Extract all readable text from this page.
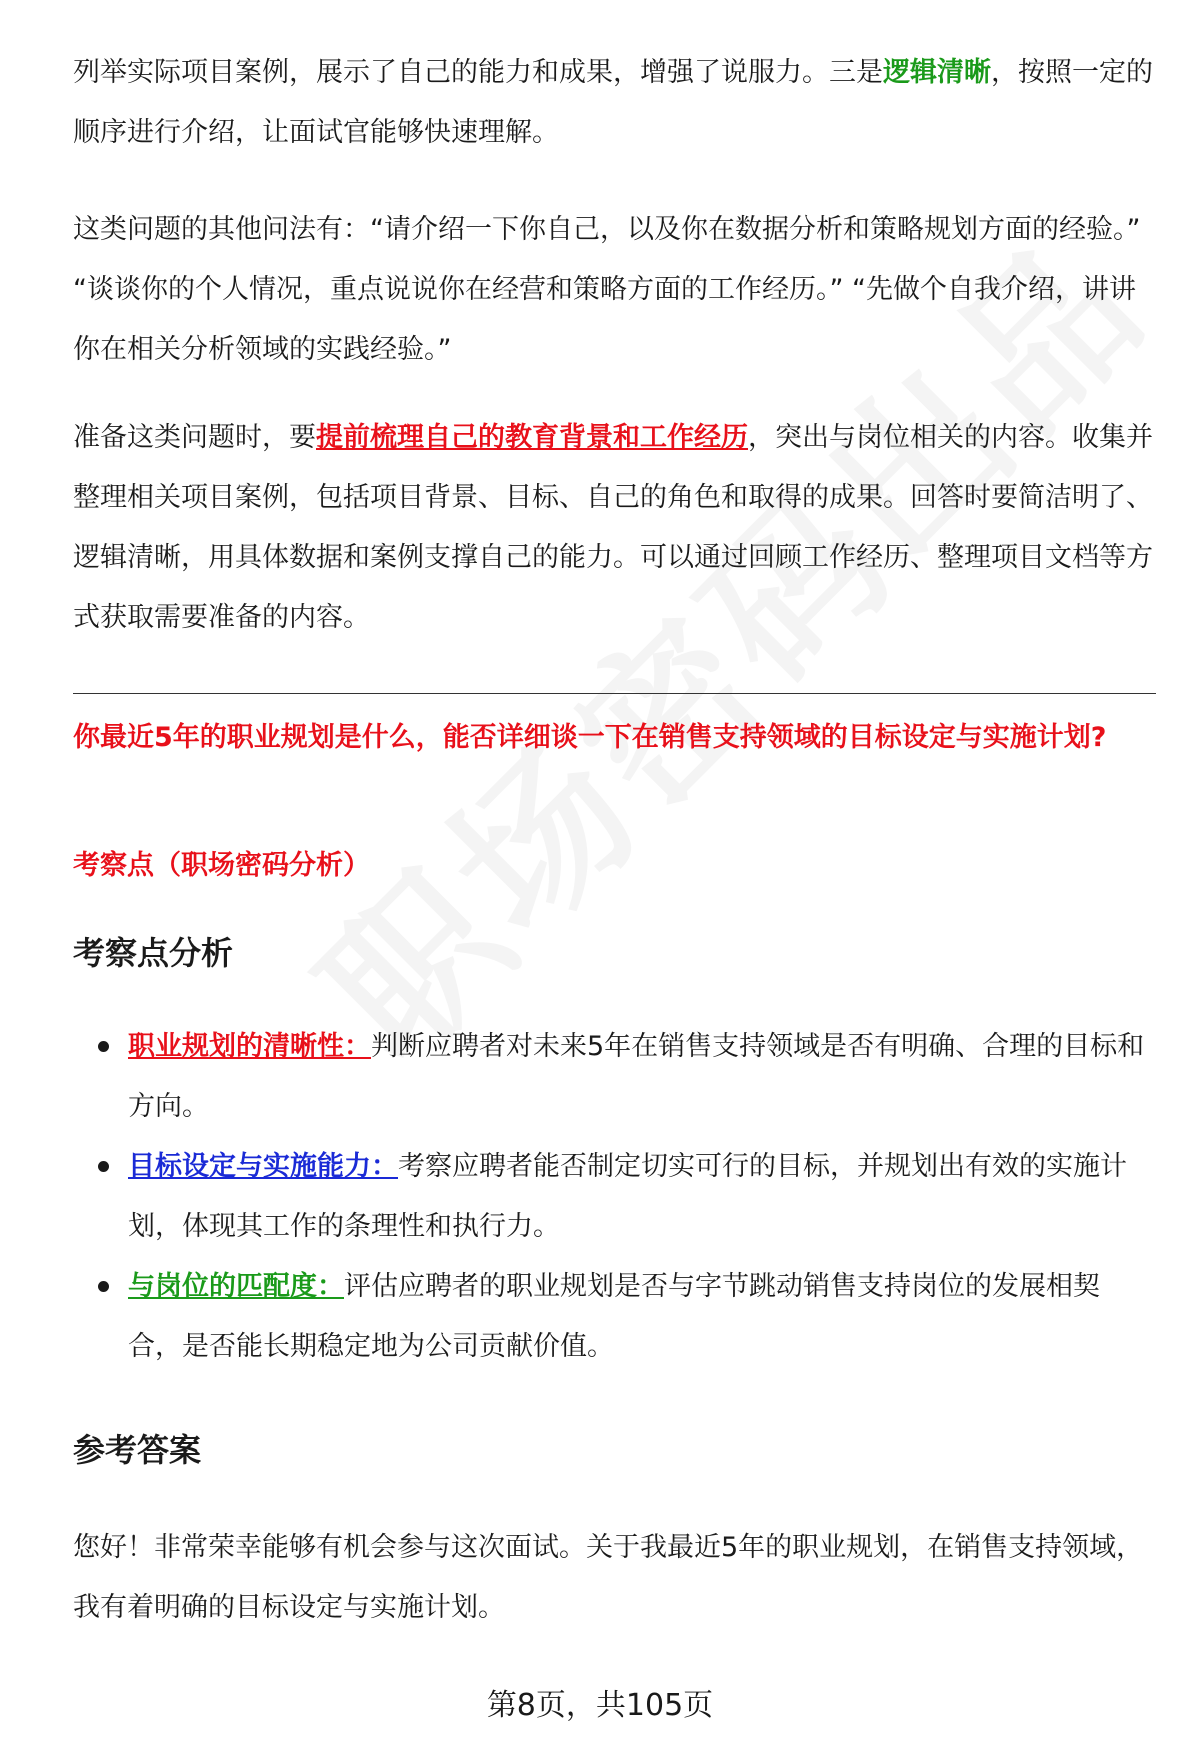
列举实际项目案例，展示了自己的能力和成果，增强了说服力。三是逻辑清晰，按照一定的顺序进行介绍，让面试官能够快速理解。

这类问题的其他问法有：“请介绍一下你自己，以及你在数据分析和策略规划方面的经验。” “谈谈你的个人情况，重点说说你在经营和策略方面的工作经历。” “先做个自我介绍，讲讲你在相关分析领域的实践经验。”

准备这类问题时，要提前梳理自己的教育背景和工作经历，突出与岗位相关的内容。收集并整理相关项目案例，包括项目背景、目标、自己的角色和取得的成果。回答时要简洁明了、逻辑清晰，用具体数据和案例支撑自己的能力。可以通过回顾工作经历、整理项目文档等方式获取需要准备的内容。

你最近5年的职业规划是什么，能否详细谈一下在销售支持领域的目标设定与实施计划?

考察点（职场密码分析）
考察点分析
职业规划的清晰性：判断应聘者对未来5年在销售支持领域是否有明确、合理的目标和方向。
目标设定与实施能力：考察应聘者能否制定切实可行的目标，并规划出有效的实施计划，体现其工作的条理性和执行力。
与岗位的匹配度：评估应聘者的职业规划是否与字节跳动销售支持岗位的发展相契合，是否能长期稳定地为公司贡献价值。
参考答案

您好！非常荣幸能够有机会参与这次面试。关于我最近5年的职业规划，在销售支持领域，我有着明确的目标设定与实施计划。

第8页，共105页
